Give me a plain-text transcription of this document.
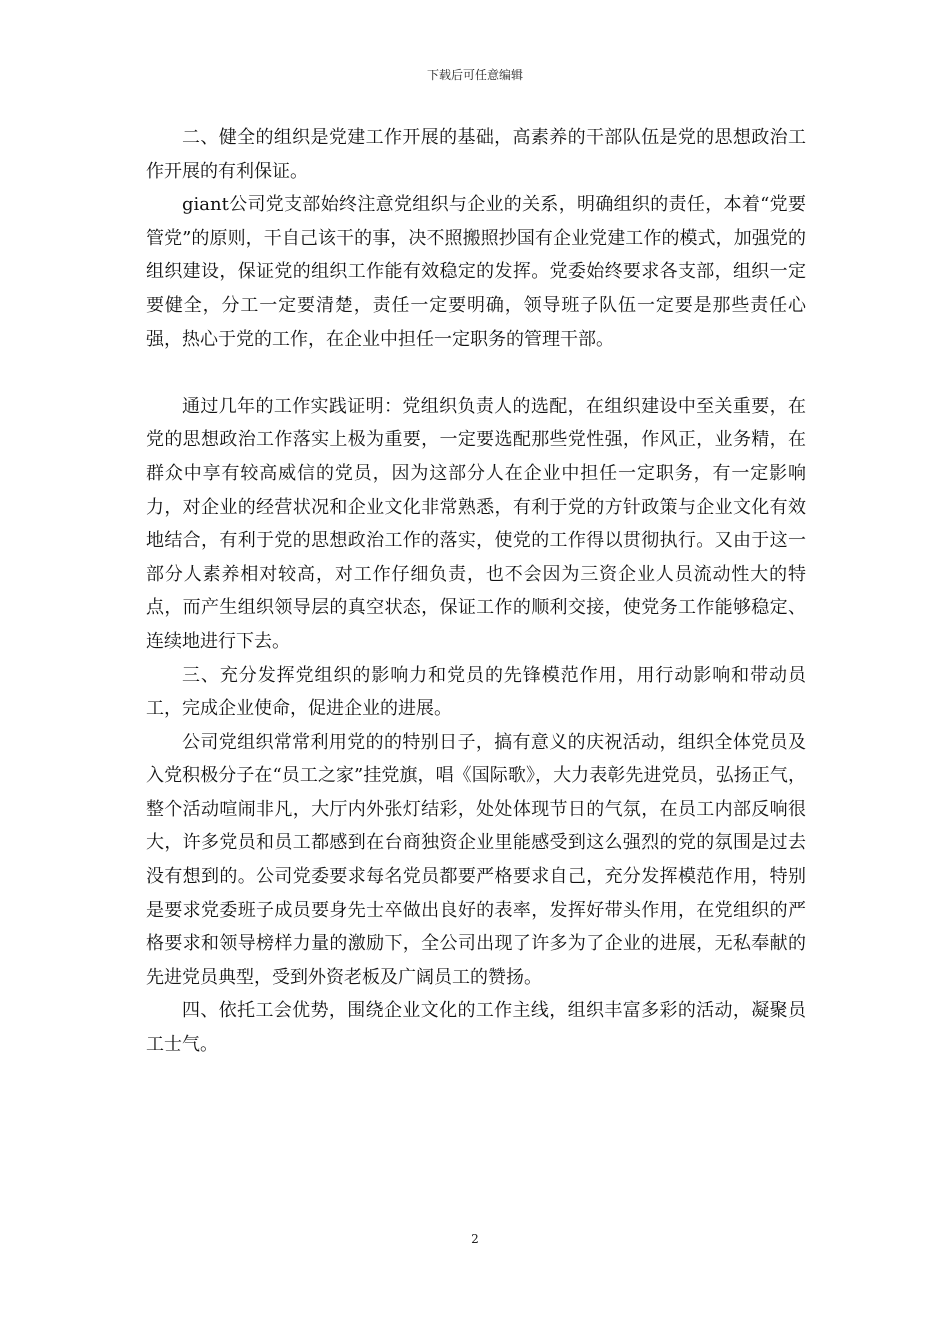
下载后可任意编辑

二、健全的组织是党建工作开展的基础，高素养的干部队伍是党的思想政治工作开展的有利保证。

giant公司党支部始终注意党组织与企业的关系，明确组织的责任，本着“党要管党”的原则，干自己该干的事，决不照搬照抄国有企业党建工作的模式，加强党的组织建设，保证党的组织工作能有效稳定的发挥。党委始终要求各支部，组织一定要健全，分工一定要清楚，责任一定要明确，领导班子队伍一定要是那些责任心强，热心于党的工作，在企业中担任一定职务的管理干部。

通过几年的工作实践证明：党组织负责人的选配，在组织建设中至关重要，在党的思想政治工作落实上极为重要，一定要选配那些党性强，作风正，业务精，在群众中享有较高威信的党员，因为这部分人在企业中担任一定职务，有一定影响力，对企业的经营状况和企业文化非常熟悉，有利于党的方针政策与企业文化有效地结合，有利于党的思想政治工作的落实，使党的工作得以贯彻执行。又由于这一部分人素养相对较高，对工作仔细负责，也不会因为三资企业人员流动性大的特点，而产生组织领导层的真空状态，保证工作的顺利交接，使党务工作能够稳定、连续地进行下去。

三、充分发挥党组织的影响力和党员的先锋模范作用，用行动影响和带动员工，完成企业使命，促进企业的进展。

公司党组织常常利用党的的特别日子，搞有意义的庆祝活动，组织全体党员及入党积极分子在“员工之家”挂党旗，唱《国际歌》，大力表彰先进党员，弘扬正气，整个活动喧闹非凡，大厅内外张灯结彩，处处体现节日的气氛，在员工内部反响很大，许多党员和员工都感到在台商独资企业里能感受到这么强烈的党的氛围是过去没有想到的。公司党委要求每名党员都要严格要求自己，充分发挥模范作用，特别是要求党委班子成员要身先士卒做出良好的表率，发挥好带头作用，在党组织的严格要求和领导榜样力量的激励下，全公司出现了许多为了企业的进展，无私奉献的先进党员典型，受到外资老板及广阔员工的赞扬。

四、依托工会优势，围绕企业文化的工作主线，组织丰富多彩的活动，凝聚员工士气。

2
